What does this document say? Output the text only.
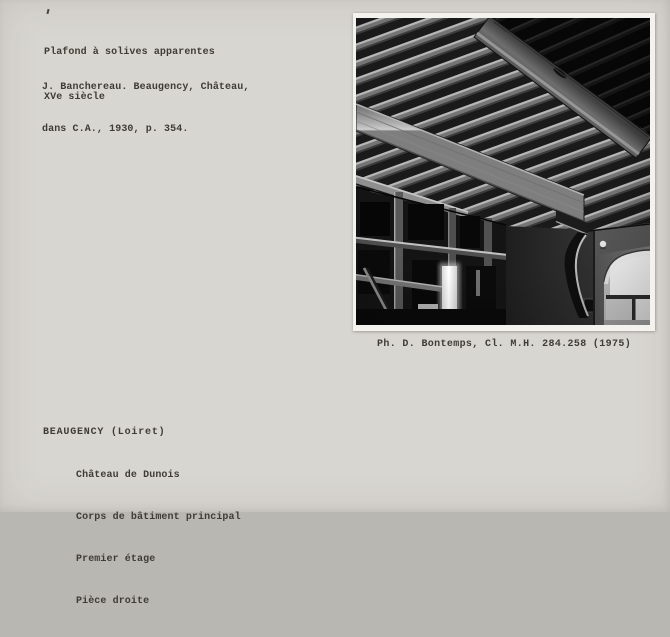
Plafond à solives apparentes

XVe siècle

J. Banchereau. Beaugency, Château,

dans C.A., 1930, p. 354.

Ph. D. Bontemps, Cl. M.H. 284.258 (1975)
BEAUGENCY (Loiret)

Château de Dunois

Corps de bâtiment principal

Premier étage

Pièce droite
